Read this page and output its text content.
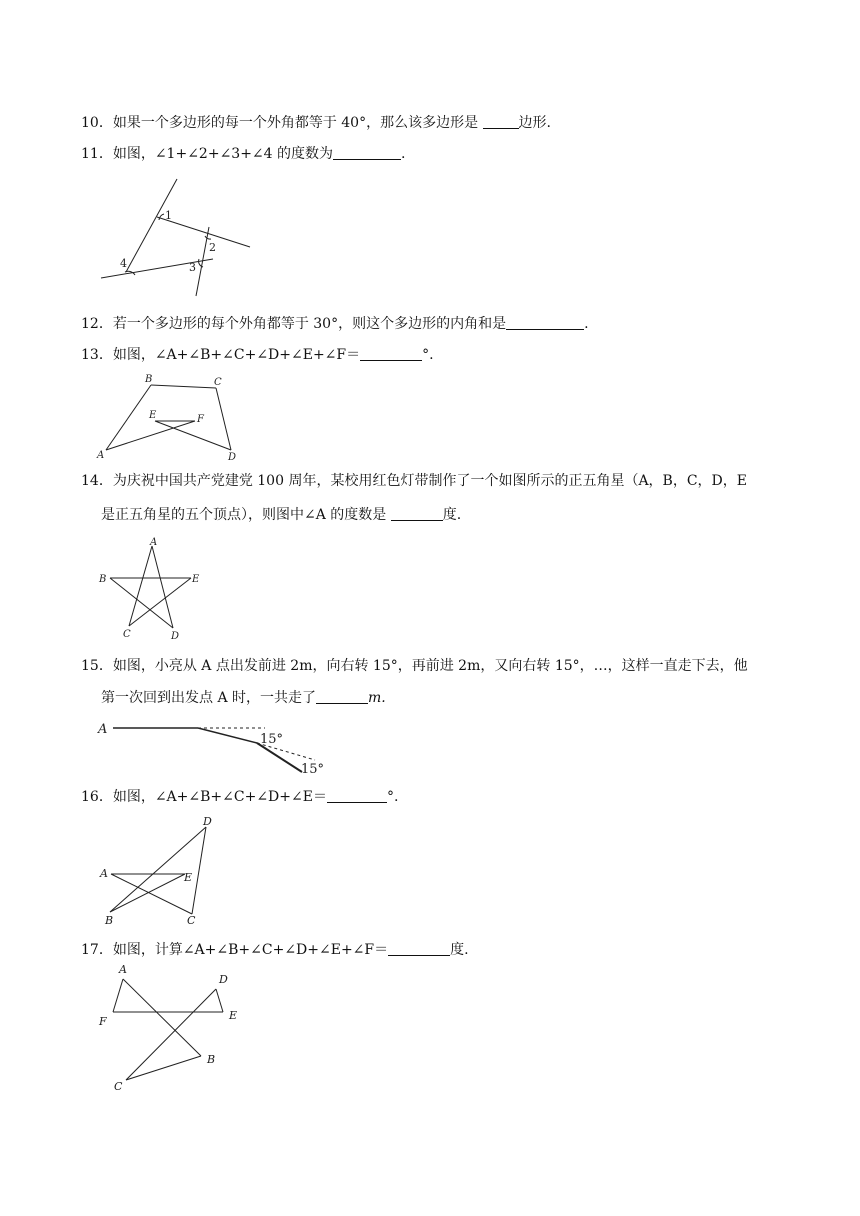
10．如果一个多边形的每一个外角都等于 40°，那么该多边形是	边形.
11．如图，∠1+∠2+∠3+∠4 的度数为	.
1
2
3
4
12．若一个多边形的每个外角都等于 30°，则这个多边形的内角和是	.
13．如图，∠A+∠B+∠C+∠D+∠E+∠F＝	°.
A
B	C
D
E	F
14．为庆祝中国共产党建党 100 周年，某校用红色灯带制作了一个如图所示的正五角星（A，B，C，D，E
是正五角星的五个顶点），则图中∠A 的度数是	度.
A
B
C	D
E
15．如图，小亮从 A 点出发前进 2m，向右转 15°，再前进 2m，又向右转 15°，…，这样一直走下去，他
第一次回到出发点 A 时，一共走了	m.
A
15°
15°
16．如图，∠A+∠B+∠C+∠D+∠E＝	°.
A
B	C
D
E
17．如图，计算∠A+∠B+∠C+∠D+∠E+∠F＝	度.
A
B
C
D
E
F
